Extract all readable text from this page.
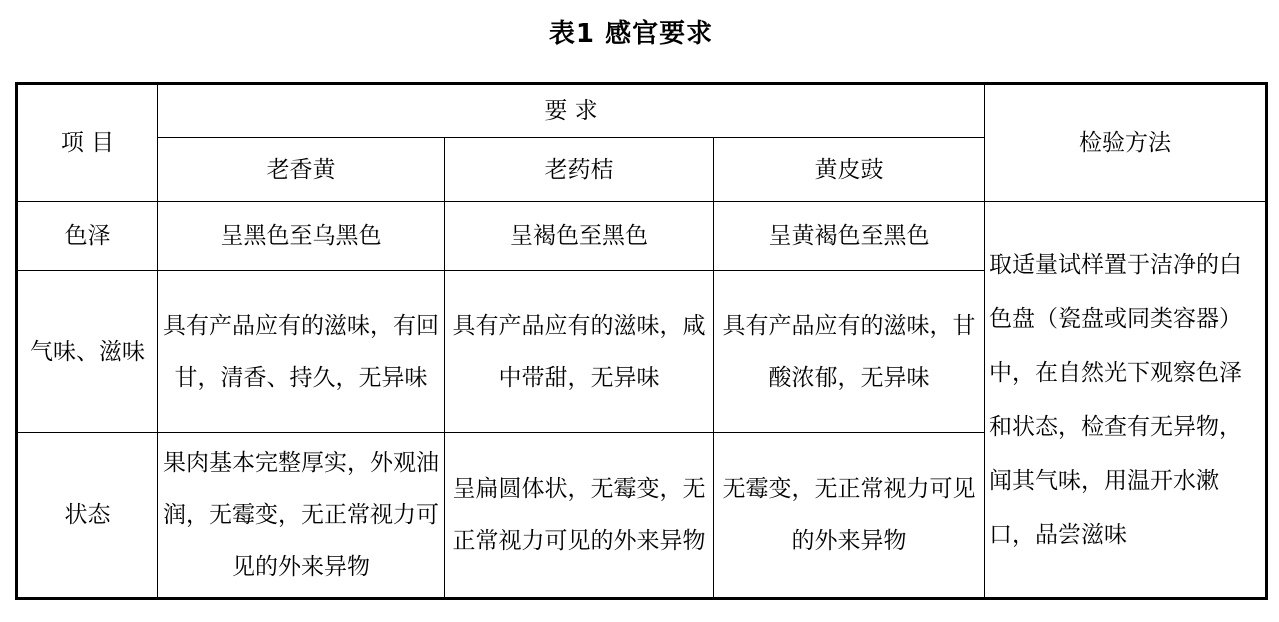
表1 感官要求
项 目	要 求			检验方法

	老香黄	老药桔	黄皮豉	

色泽	呈黑色至乌黑色	呈褐色至黑色	呈黄褐色至黑色	取适量试样置于洁净的白色盘（瓷盘或同类容器）中，在自然光下观察色泽和状态，检查有无异物，闻其气味，用温开水漱口，品尝滋味

气味、滋味	具有产品应有的滋味，有回甘，清香、持久，无异味	具有产品应有的滋味，咸中带甜，无异味	具有产品应有的滋味，甘酸浓郁，无异味	

状态	果肉基本完整厚实，外观油润，无霉变，无正常视力可见的外来异物	呈扁圆体状，无霉变，无正常视力可见的外来异物	无霉变，无正常视力可见的外来异物	
